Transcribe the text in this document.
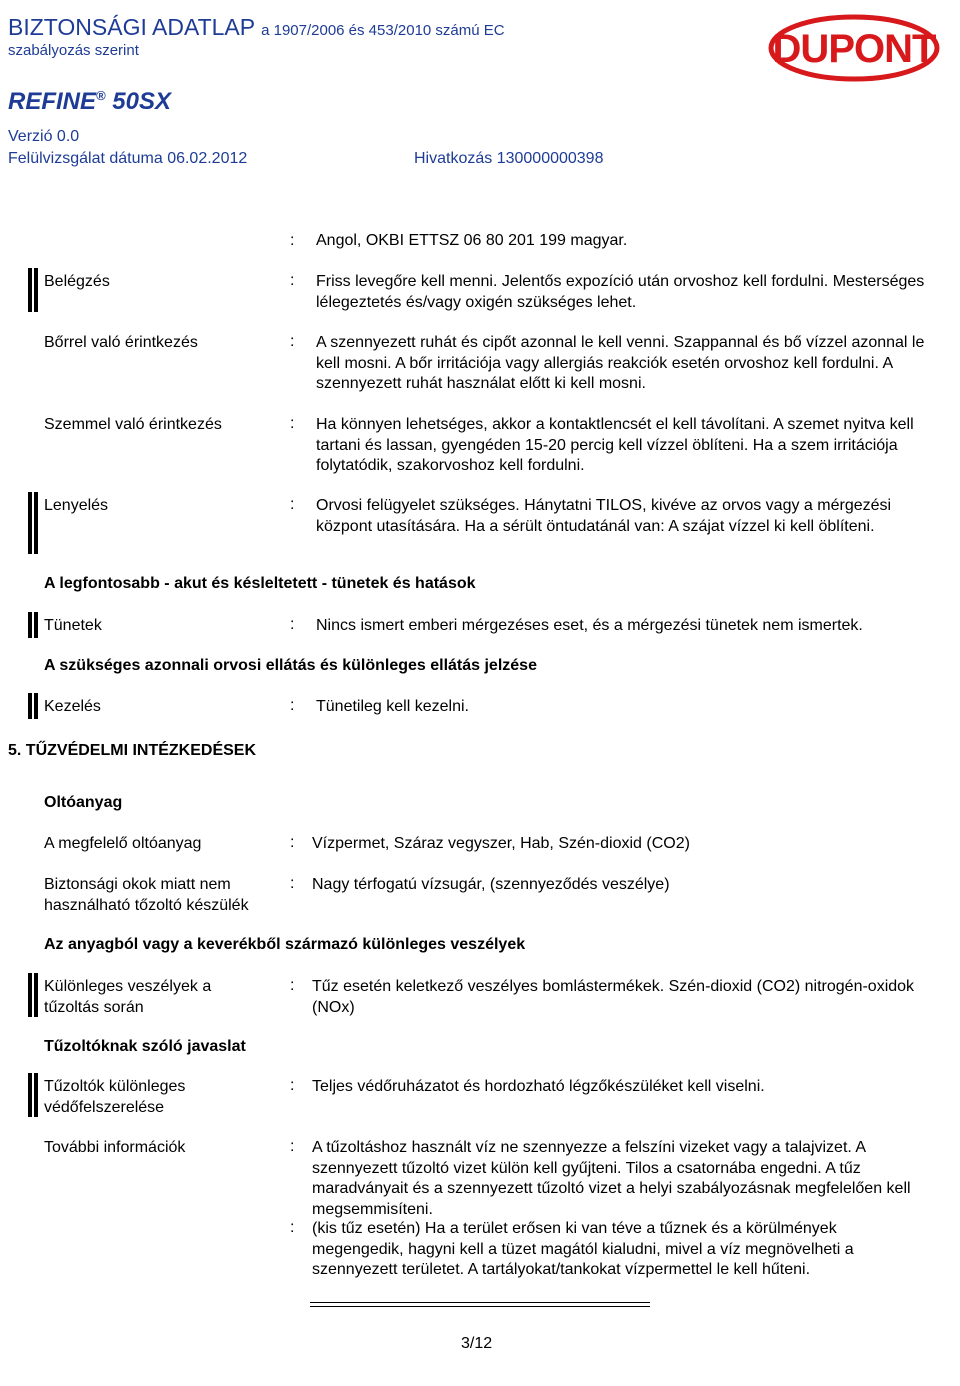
BIZTONSÁGI ADATLAP a 1907/2006 és 453/2010 számú EC
szabályozás szerint
REFINE® 50SX
Verzió 0.0
Felülvizsgálat dátuma 06.02.2012	Hivatkozás 130000000398
DUPONT
: Angol, OKBI ETTSZ 06 80 201 199 magyar.
Belégzés	: Friss levegőre kell menni. Jelentős expozíció után orvoshoz kell fordulni. Mesterséges lélegeztetés és/vagy oxigén szükséges lehet.
Bőrrel való érintkezés	: A szennyezett ruhát és cipőt azonnal le kell venni. Szappannal és bő vízzel azonnal le kell mosni. A bőr irritációja vagy allergiás reakciók esetén orvoshoz kell fordulni. A szennyezett ruhát használat előtt ki kell mosni.
Szemmel való érintkezés	: Ha könnyen lehetséges, akkor a kontaktlencsét el kell távolítani. A szemet nyitva kell tartani és lassan, gyengéden 15-20 percig kell vízzel öblíteni. Ha a szem irritációja folytatódik, szakorvoshoz kell fordulni.
Lenyelés	: Orvosi felügyelet szükséges. Hánytatni TILOS, kivéve az orvos vagy a mérgezési központ utasítására. Ha a sérült öntudatánál van: A szájat vízzel ki kell öblíteni.
A legfontosabb - akut és késleltetett - tünetek és hatások
Tünetek	: Nincs ismert emberi mérgezéses eset, és a mérgezési tünetek nem ismertek.
A szükséges azonnali orvosi ellátás és különleges ellátás jelzése
Kezelés	: Tünetileg kell kezelni.
5. TŰZVÉDELMI INTÉZKEDÉSEK
Oltóanyag
A megfelelő oltóanyag	: Vízpermet, Száraz vegyszer, Hab, Szén-dioxid (CO2)
Biztonsági okok miatt nem használható tőzoltó készülék
: Nagy térfogatú vízsugár, (szennyeződés veszélye)
Az anyagból vagy a keverékből származó különleges veszélyek
Különleges veszélyek a tűzoltás során
: Tűz esetén keletkező veszélyes bomlástermékek. Szén-dioxid (CO2) nitrogén-oxidok (NOx)
Tűzoltóknak szóló javaslat
Tűzoltók különleges védőfelszerelése
: Teljes védőruházatot és hordozható légzőkészüléket kell viselni.
További információk	: A tűzoltáshoz használt víz ne szennyezze a felszíni vizeket vagy a talajvizet. A szennyezett tűzoltó vizet külön kell gyűjteni. Tilos a csatornába engedni. A tűz maradványait és a szennyezett tűzoltó vizet a helyi szabályozásnak megfelelően kell megsemmisíteni.
: (kis tűz esetén) Ha a terület erősen ki van téve a tűznek és a körülmények megengedik, hagyni kell a tüzet magától kialudni, mivel a víz megnövelheti a szennyezett területet. A tartályokat/tankokat vízpermettel le kell hűteni.
3/12
